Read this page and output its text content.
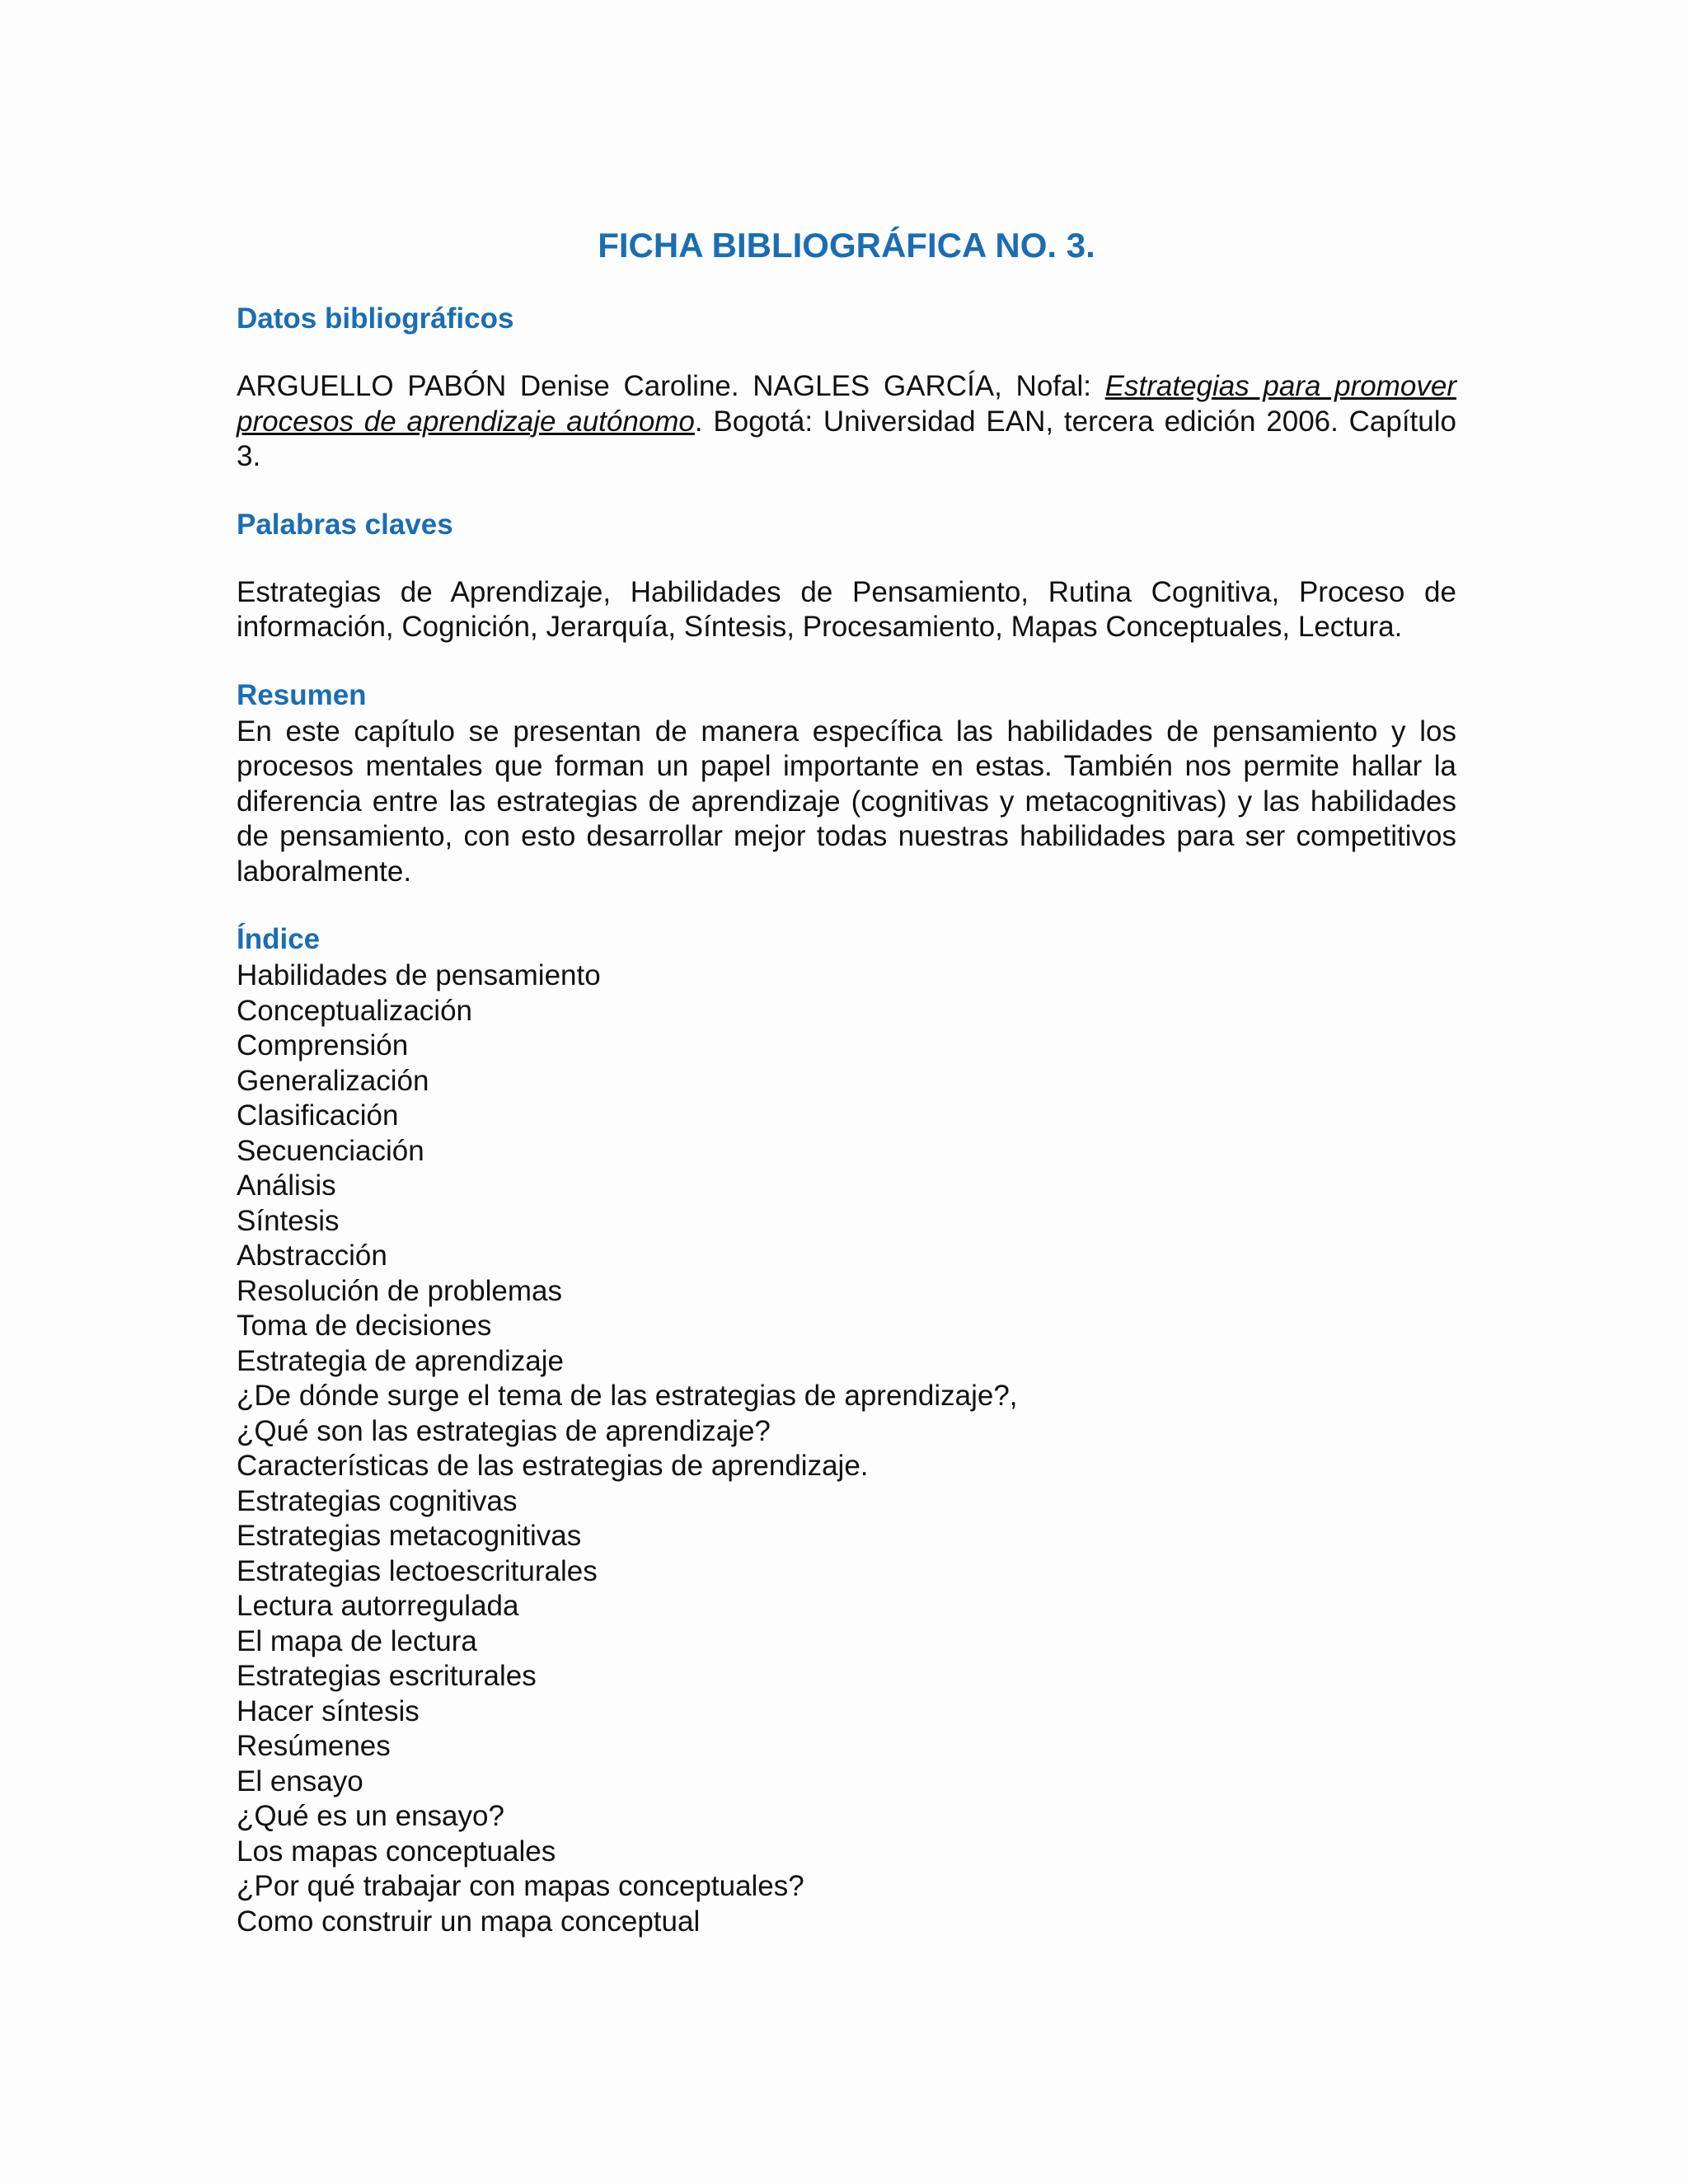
FICHA BIBLIOGRÁFICA NO. 3.
Datos bibliográficos

ARGUELLO PABÓN Denise Caroline. NAGLES GARCÍA, Nofal: Estrategias para promover procesos de aprendizaje autónomo. Bogotá: Universidad EAN, tercera edición 2006. Capítulo 3.

Palabras claves

Estrategias de Aprendizaje, Habilidades de Pensamiento, Rutina Cognitiva, Proceso de información, Cognición, Jerarquía, Síntesis, Procesamiento, Mapas Conceptuales, Lectura.

Resumen

En este capítulo se presentan de manera específica las habilidades de pensamiento y los procesos mentales que forman un papel importante en estas. También nos permite hallar la diferencia entre las estrategias de aprendizaje (cognitivas y metacognitivas) y las habilidades de pensamiento, con esto desarrollar mejor todas nuestras habilidades para ser competitivos laboralmente.

Índice
Habilidades de pensamiento
Conceptualización
Comprensión
Generalización
Clasificación
Secuenciación
Análisis
Síntesis
Abstracción
Resolución de problemas
Toma de decisiones
Estrategia de aprendizaje
¿De dónde surge el tema de las estrategias de aprendizaje?,
¿Qué son las estrategias de aprendizaje?
Características de las estrategias de aprendizaje.
Estrategias cognitivas
Estrategias metacognitivas
Estrategias lectoescriturales
Lectura autorregulada
El mapa de lectura
Estrategias escriturales
Hacer síntesis
Resúmenes
El ensayo
¿Qué es un ensayo?
Los mapas conceptuales
¿Por qué trabajar con mapas conceptuales?
Como construir un mapa conceptual
